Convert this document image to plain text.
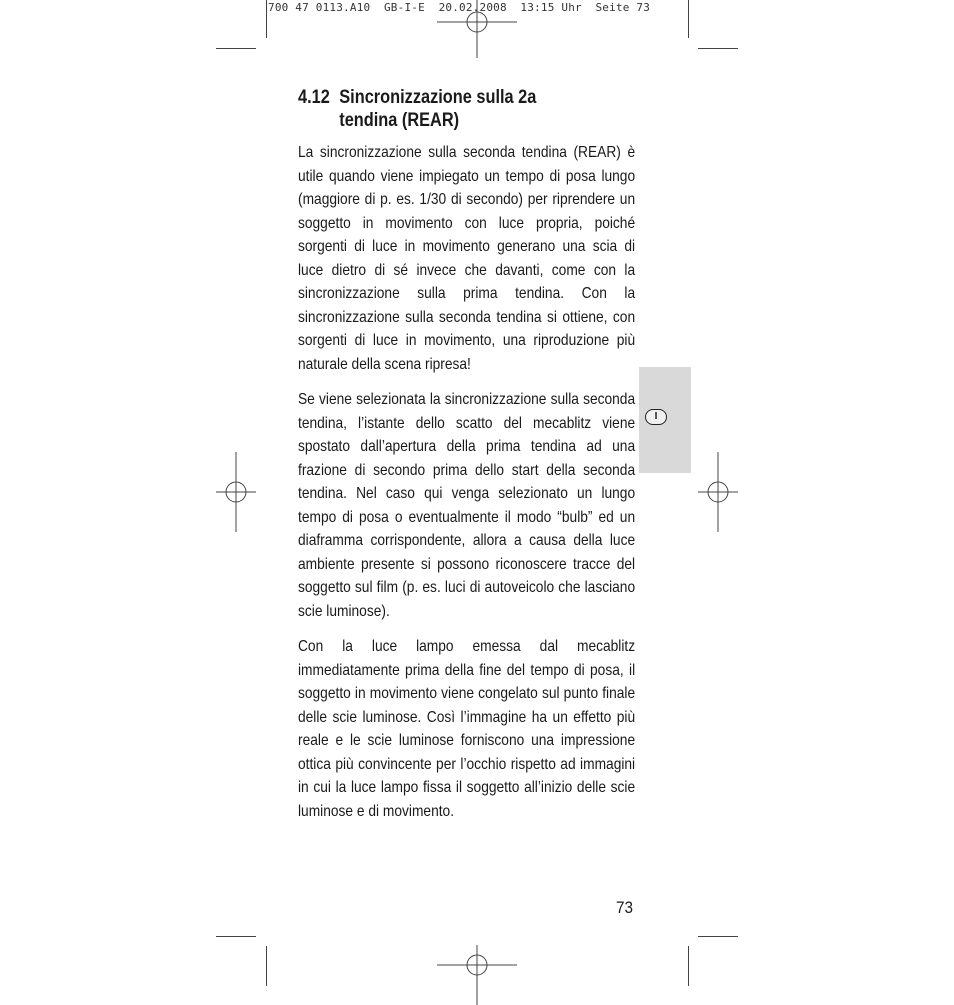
700 47 0113.A10  GB-I-E  20.02.2008  13:15 Uhr  Seite 73
4.12 Sincronizzazione sulla 2a tendina (REAR)

La sincronizzazione sulla seconda tendina (REAR) è utile quando viene impiegato un tempo di posa lungo (maggiore di p. es. 1/30 di secondo) per riprendere un soggetto in movimento con luce propria, poiché sorgenti di luce in movimento generano una scia di luce dietro di sé invece che davanti, come con la sincronizzazione sulla prima tendina. Con la sincronizzazione sulla seconda tendina si ottiene, con sorgenti di luce in movimento, una riproduzione più naturale della scena ripresa!

Se viene selezionata la sincronizzazione sulla seconda tendina, l’istante dello scatto del mecablitz viene spostato dall’apertura della prima tendina ad una frazione di secondo prima dello start della seconda tendina. Nel caso qui venga selezionato un lungo tempo di posa o eventualmente il modo “bulb” ed un diaframma corrispondente, allora a causa della luce ambiente presente si possono riconoscere tracce del soggetto sul film (p. es. luci di autoveicolo che lasciano scie luminose).

Con la luce lampo emessa dal mecablitz immediatamente prima della fine del tempo di posa, il soggetto in movimento viene congelato sul punto finale delle scie luminose. Così l’immagine ha un effetto più reale e le scie luminose forniscono una impressione ottica più convincente per l’occhio rispetto ad immagini in cui la luce lampo fissa il soggetto all’inizio delle scie luminose e di movimento.

I
73
